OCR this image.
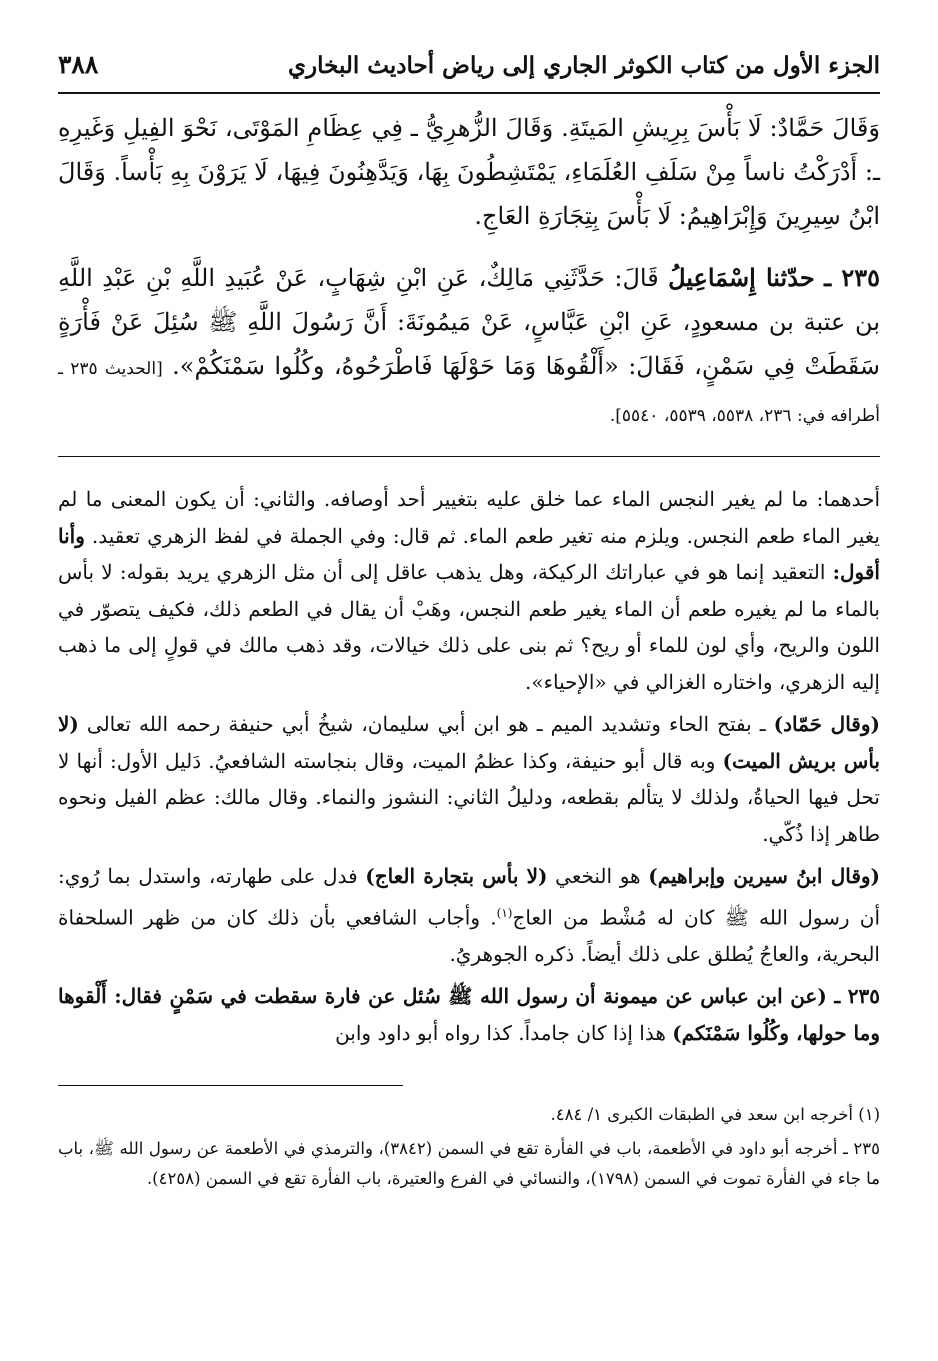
الجزء الأول من كتاب الكوثر الجاري إلى رياض أحاديث البخاري
٣٨٨

وَقَالَ حَمَّادٌ: لَا بَأْسَ بِرِيشِ المَيتَةِ. وَقَالَ الزُّهرِيُّ ـ فِي عِظَامِ المَوْتَى، نَحْوَ الفِيلِ وَغَيرِهِ ـ: أَدْرَكْتُ ناساً مِنْ سَلَفِ العُلَمَاءِ، يَمْتَشِطُونَ بِهَا، وَيَدَّهِنُونَ فِيهَا، لَا يَرَوْنَ بِهِ بَأْساً. وَقَالَ ابْنُ سِيرِينَ وَإِبْرَاهِيمُ: لَا بَأْسَ بِتِجَارَةِ العَاجِ.

٢٣٥ ـ حدّثنا إِسْمَاعِيلُ قَالَ: حَدَّثَنِي مَالِكٌ، عَنِ ابْنِ شِهَابٍ، عَنْ عُبَيدِ اللَّهِ بْنِ عَبْدِ اللَّهِ بن عتبة بن مسعودٍ، عَنِ ابْنِ عَبَّاسٍ، عَنْ مَيمُونَةَ: أَنَّ رَسُولَ اللَّهِ ﷺ سُئِلَ عَنْ فَأْرَةٍ سَقَطَتْ فِي سَمْنٍ، فَقَالَ: «أَلْقُوهَا وَمَا حَوْلَهَا فَاطْرَحُوهُ، وكُلُوا سَمْنَكُمْ». [الحديث ٢٣٥ ـ أطرافه في: ٢٣٦، ٥٥٣٨، ٥٥٣٩، ٥٥٤٠].

أحدهما: ما لم يغير النجس الماء عما خلق عليه بتغيير أحد أوصافه. والثاني: أن يكون المعنى ما لم يغير الماء طعم النجس. ويلزم منه تغير طعم الماء. ثم قال: وفي الجملة في لفظ الزهري تعقيد. وأنا أقول: التعقيد إنما هو في عباراتك الركيكة، وهل يذهب عاقل إلى أن مثل الزهري يريد بقوله: لا بأس بالماء ما لم يغيره طعم أن الماء يغير طعم النجس، وهَبْ أن يقال في الطعم ذلك، فكيف يتصوّر في اللون والريح، وأي لون للماء أو ريح؟ ثم بنى على ذلك خيالات، وقد ذهب مالك في قولٍ إلى ما ذهب إليه الزهري، واختاره الغزالي في «الإحياء».

(وقال حَمّاد) ـ بفتح الحاء وتشديد الميم ـ هو ابن أبي سليمان، شيخُ أبي حنيفة رحمه الله تعالى (لا بأس بريش الميت) وبه قال أبو حنيفة، وكذا عظمُ الميت، وقال بنجاسته الشافعيُ. دَليل الأول: أنها لا تحل فيها الحياةُ، ولذلك لا يتألم بقطعه، ودليلُ الثاني: النشوز والنماء. وقال مالك: عظم الفيل ونحوه طاهر إذا ذُكّي.

(وقال ابنُ سيرين وإبراهيم) هو النخعي (لا بأس بتجارة العاج) فدل على طهارته، واستدل بما رُوي: أن رسول الله ﷺ كان له مُشْط من العاج$^{(١)}$. وأجاب الشافعي بأن ذلك كان من ظهر السلحفاة البحرية، والعاجُ يُطلق على ذلك أيضاً. ذكره الجوهريُ.

٢٣٥ ـ (عن ابن عباس عن ميمونة أن رسول الله ﷺ سُئل عن فارة سقطت في سَمْنٍ فقال: أَلْقوها وما حولها، وكُلُوا سَمْنَكم) هذا إذا كان جامداً. كذا رواه أبو داود وابن

(١) أخرجه ابن سعد في الطبقات الكبرى ١/ ٤٨٤.

٢٣٥ ـ أخرجه أبو داود في الأطعمة، باب في الفأرة تقع في السمن (٣٨٤٢)، والترمذي في الأطعمة عن رسول الله ﷺ، باب ما جاء في الفأرة تموت في السمن (١٧٩٨)، والنسائي في الفرع والعتيرة، باب الفأرة تقع في السمن (٤٢٥٨).
